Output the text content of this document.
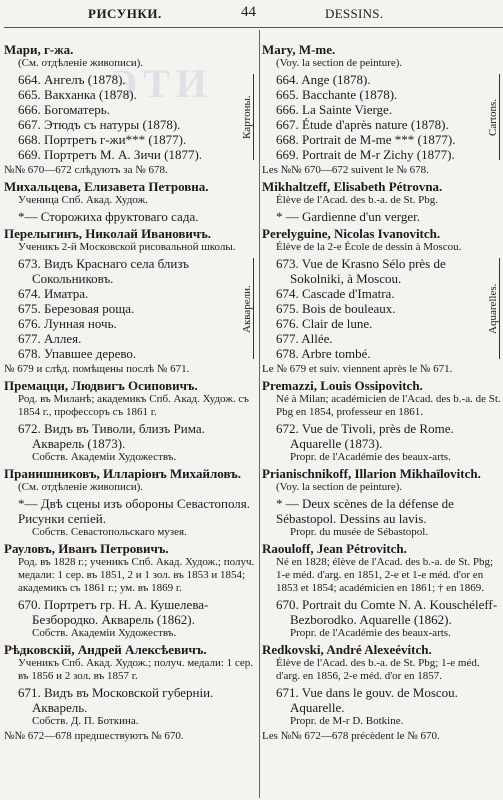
РИСУНКИ.	44	DESSINS.
ЭТИ
Мари, г-жа.
(См. отдѣленіе живописи).
664. Ангелъ (1878).
665. Вакханка (1878).
666. Богоматерь.
667. Этюдъ съ натуры (1878).
668. Портретъ г-жи*** (1877).
669. Портретъ М. А. Зичи (1877).
Картоны.
№№ 670—672 слѣдуютъ за № 678.
Михальцева, Елизавета Петровна.
Ученица Спб. Акад. Худож.
*— Сторожиха фруктоваго сада.
Перелыгинъ, Николай Ивановичъ.
Ученикъ 2-й Московской рисовальной школы.
673. Видъ Краснаго села близъ Сокольниковъ.
674. Иматра.
675. Березовая роща.
676. Лунная ночь.
677. Аллея.
678. Упавшее дерево.
Акварели.
№ 679 и слѣд. помѣщены послѣ № 671.
Премацци, Людвигъ Осиповичъ.
Род. въ Миланѣ; академикъ Спб. Акад. Худож. съ 1854 г., профессоръ съ 1861 г.
672. Видъ въ Тиволи, близъ Рима. Акварель (1873).
Собств. Академіи Художествъ.
Пранишниковъ, Илларіонъ Михайловъ.
(См. отдѣленіе живописи).
*— Двѣ сцены изъ обороны Севастополя. Рисунки сепіей.
Собств. Севастопольскаго музея.
Рауловъ, Иванъ Петровичъ.
Род. въ 1828 г.; ученикъ Спб. Акад. Худож.; получ. медали: 1 сер. въ 1851, 2 и 1 зол. въ 1853 и 1854; академикъ съ 1861 г.; ум. въ 1869 г.
670. Портретъ гр. Н. А. Кушелева-Безбородко. Акварель (1862).
Собств. Академіи Художествъ.
Рѣдковскій, Андрей Алексѣевичъ.
Ученикъ Спб. Акад. Худож.; получ. медали: 1 сер. въ 1856 и 2 зол. въ 1857 г.
671. Видъ въ Московской губерніи. Акварель.
Собств. Д. П. Боткина.
№№ 672—678 предшествуютъ № 670.
Mary, M-me.
(Voy. la section de peinture).
664. Ange (1878).
665. Bacchante (1878).
666. La Sainte Vierge.
667. Étude d'après nature (1878).
668. Portrait de M-me *** (1877).
669. Portrait de M-r Zichy (1877).
Cartons.
Les №№ 670—672 suivent le № 678.
Mikhaltzeff, Elisabeth Pétrovna.
Élève de l'Acad. des b.-a. de St. Pbg.
* — Gardienne d'un verger.
Perelyguine, Nicolas Ivanovitch.
Élève de la 2-e École de dessin à Moscou.
673. Vue de Krasno Sélo près de Sokolniki, à Moscou.
674. Cascade d'Imatra.
675. Bois de bouleaux.
676. Clair de lune.
677. Allée.
678. Arbre tombé.
Aquarelles.
Le № 679 et suiv. viennent après le № 671.
Premazzi, Louis Ossipovitch.
Né à Milan; académicien de l'Acad. des b.-a. de St. Pbg en 1854, professeur en 1861.
672. Vue de Tivoli, près de Rome. Aquarelle (1873).
Propr. de l'Académie des beaux-arts.
Prianischnikoff, Illarion Mikhaïlovitch.
(Voy. la section de peinture).
* — Deux scènes de la défense de Sébastopol. Dessins au lavis.
Propr. du musée de Sébastopol.
Raouloff, Jean Pétrovitch.
Né en 1828; élève de l'Acad. des b.-a. de St. Pbg; 1-e méd. d'arg. en 1851, 2-e et 1-e méd. d'or en 1853 et 1854; académicien en 1861; † en 1869.
670. Portrait du Comte N. A. Kouschéleff-Bezborodko. Aquarelle (1862).
Propr. de l'Académie des beaux-arts.
Redkovski, André Alexeévitch.
Élève de l'Acad. des b.-a. de St. Pbg; 1-e méd. d'arg. en 1856, 2-e méd. d'or en 1857.
671. Vue dans le gouv. de Moscou. Aquarelle.
Propr. de M-r D. Botkine.
Les №№ 672—678 précèdent le № 670.
